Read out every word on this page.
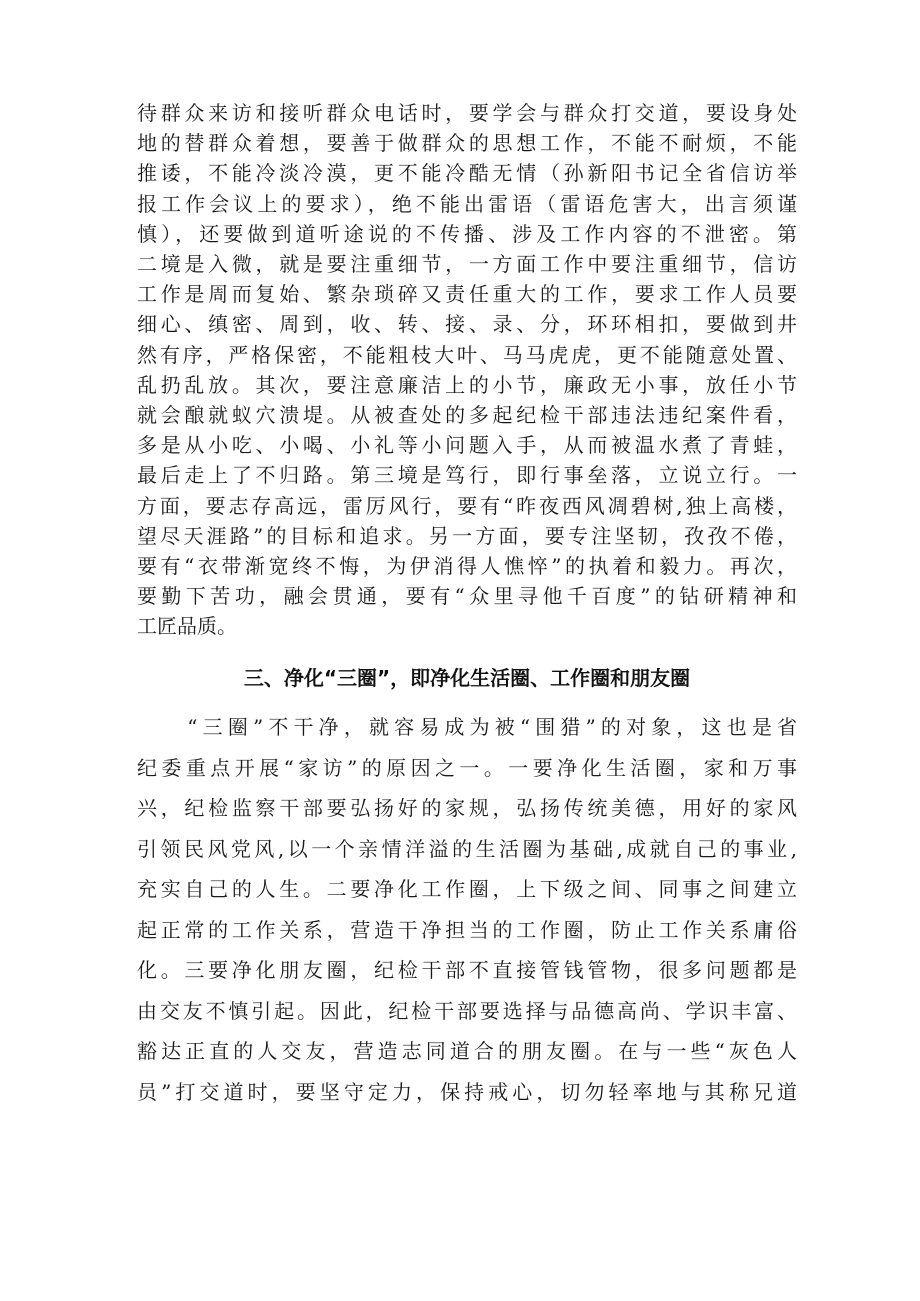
待群众来访和接听群众电话时，要学会与群众打交道，要设身处
地的替群众着想，要善于做群众的思想工作，不能不耐烦，不能
推诿，不能冷淡冷漠，更不能冷酷无情（孙新阳书记全省信访举
报工作会议上的要求），绝不能出雷语（雷语危害大，出言须谨
慎），还要做到道听途说的不传播、涉及工作内容的不泄密。第
二境是入微，就是要注重细节，一方面工作中要注重细节，信访
工作是周而复始、繁杂琐碎又责任重大的工作，要求工作人员要
细心、缜密、周到，收、转、接、录、分，环环相扣，要做到井
然有序，严格保密，不能粗枝大叶、马马虎虎，更不能随意处置、
乱扔乱放。其次，要注意廉洁上的小节，廉政无小事，放任小节
就会酿就蚁穴溃堤。从被查处的多起纪检干部违法违纪案件看，
多是从小吃、小喝、小礼等小问题入手，从而被温水煮了青蛙，
最后走上了不归路。第三境是笃行，即行事垒落，立说立行。一
方面，要志存高远，雷厉风行，要有“昨夜西风凋碧树,独上高楼，
望尽天涯路”的目标和追求。另一方面，要专注坚韧，孜孜不倦，
要有“衣带渐宽终不悔，为伊消得人憔悴”的执着和毅力。再次，
要勤下苦功，融会贯通，要有“众里寻他千百度”的钻研精神和
工匠品质。
三、净化“三圈”，即净化生活圈、工作圈和朋友圈
　　“三圈”不干净，就容易成为被“围猎”的对象，这也是省
纪委重点开展“家访”的原因之一。一要净化生活圈，家和万事
兴，纪检监察干部要弘扬好的家规，弘扬传统美德，用好的家风
引领民风党风,以一个亲情洋溢的生活圈为基础,成就自己的事业,
充实自己的人生。二要净化工作圈，上下级之间、同事之间建立
起正常的工作关系，营造干净担当的工作圈，防止工作关系庸俗
化。三要净化朋友圈，纪检干部不直接管钱管物，很多问题都是
由交友不慎引起。因此，纪检干部要选择与品德高尚、学识丰富、
豁达正直的人交友，营造志同道合的朋友圈。在与一些“灰色人
员”打交道时，要坚守定力，保持戒心，切勿轻率地与其称兄道
